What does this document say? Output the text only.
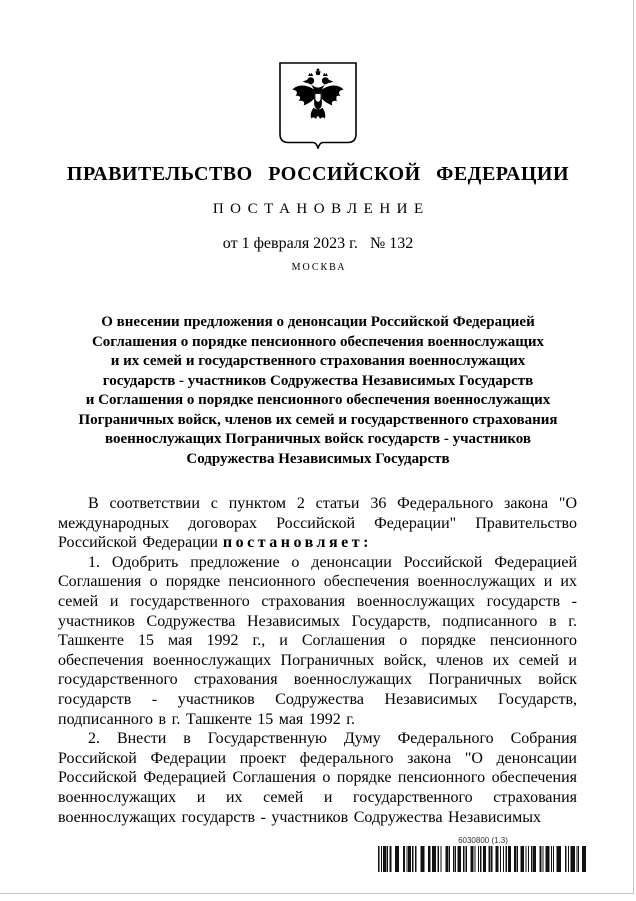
ПРАВИТЕЛЬСТВО РОССИЙСКОЙ ФЕДЕРАЦИИ
ПОСТАНОВЛЕНИЕ
от 1 февраля 2023 г. № 132
МОСКВА
О внесении предложения о денонсации Российской Федерацией
Соглашения о порядке пенсионного обеспечения военнослужащих
и их семей и государственного страхования военнослужащих
государств - участников Содружества Независимых Государств
и Соглашения о порядке пенсионного обеспечения военнослужащих
Пограничных войск, членов их семей и государственного страхования
военнослужащих Пограничных войск государств - участников
Содружества Независимых Государств

В соответствии с пунктом 2 статьи 36 Федерального закона "О международных договорах Российской Федерации" Правительство Российской Федерации постановляет:

1. Одобрить предложение о денонсации Российской Федерацией Соглашения о порядке пенсионного обеспечения военнослужащих и их семей и государственного страхования военнослужащих государств - участников Содружества Независимых Государств, подписанного в г. Ташкенте 15 мая 1992 г., и Соглашения о порядке пенсионного обеспечения военнослужащих Пограничных войск, членов их семей и государственного страхования военнослужащих Пограничных войск государств - участников Содружества Независимых Государств, подписанного в г. Ташкенте 15 мая 1992 г.

2. Внести в Государственную Думу Федерального Собрания Российской Федерации проект федерального закона "О денонсации Российской Федерацией Соглашения о порядке пенсионного обеспечения военнослужащих и их семей и государственного страхования военнослужащих государств - участников Содружества Независимых

6030800 (1.3)
